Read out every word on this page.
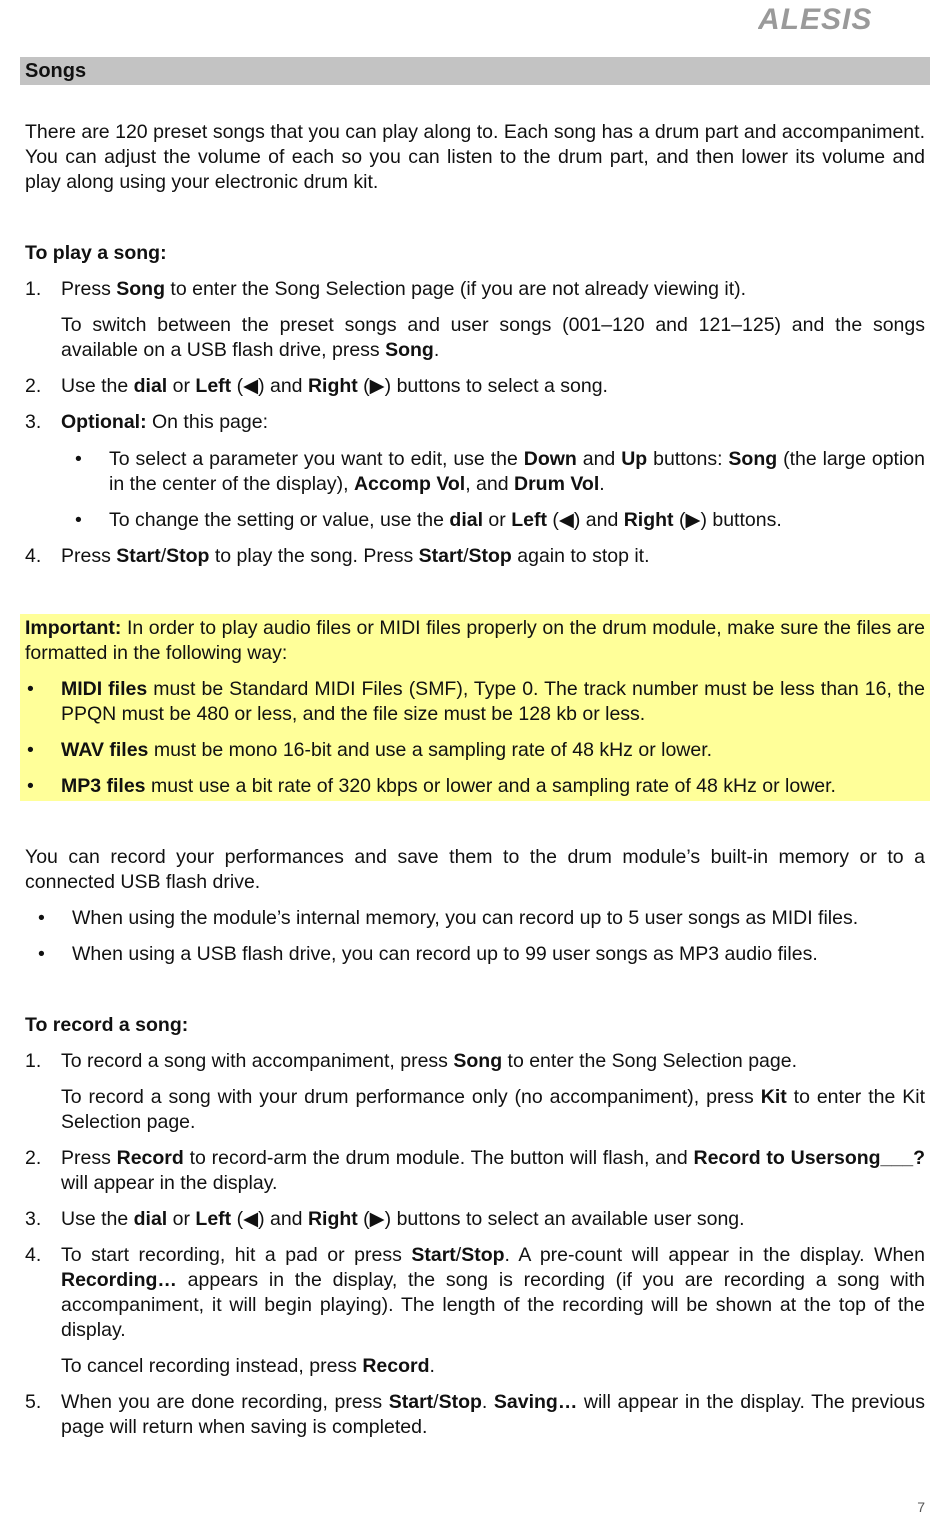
ALESIS
Songs

There are 120 preset songs that you can play along to. Each song has a drum part and accompaniment. You can adjust the volume of each so you can listen to the drum part, and then lower its volume and play along using your electronic drum kit.

To play a song:

1. Press Song to enter the Song Selection page (if you are not already viewing it).

To switch between the preset songs and user songs (001–120 and 121–125) and the songs available on a USB flash drive, press Song.

2. Use the dial or Left (◀) and Right (▶) buttons to select a song.

3. Optional: On this page:

• To select a parameter you want to edit, use the Down and Up buttons: Song (the large option in the center of the display), Accomp Vol, and Drum Vol.

• To change the setting or value, use the dial or Left (◀) and Right (▶) buttons.

4. Press Start/Stop to play the song. Press Start/Stop again to stop it.

Important: In order to play audio files or MIDI files properly on the drum module, make sure the files are formatted in the following way:

• MIDI files must be Standard MIDI Files (SMF), Type 0. The track number must be less than 16, the PPQN must be 480 or less, and the file size must be 128 kb or less.

• WAV files must be mono 16-bit and use a sampling rate of 48 kHz or lower.

• MP3 files must use a bit rate of 320 kbps or lower and a sampling rate of 48 kHz or lower.

You can record your performances and save them to the drum module’s built-in memory or to a connected USB flash drive.

• When using the module’s internal memory, you can record up to 5 user songs as MIDI files.

• When using a USB flash drive, you can record up to 99 user songs as MP3 audio files.

To record a song:

1. To record a song with accompaniment, press Song to enter the Song Selection page.

To record a song with your drum performance only (no accompaniment), press Kit to enter the Kit Selection page.

2. Press Record to record-arm the drum module. The button will flash, and Record to Usersong___? will appear in the display.

3. Use the dial or Left (◀) and Right (▶) buttons to select an available user song.

4. To start recording, hit a pad or press Start/Stop. A pre-count will appear in the display. When Recording… appears in the display, the song is recording (if you are recording a song with accompaniment, it will begin playing). The length of the recording will be shown at the top of the display.

To cancel recording instead, press Record.

5. When you are done recording, press Start/Stop. Saving… will appear in the display. The previous page will return when saving is completed.

7
